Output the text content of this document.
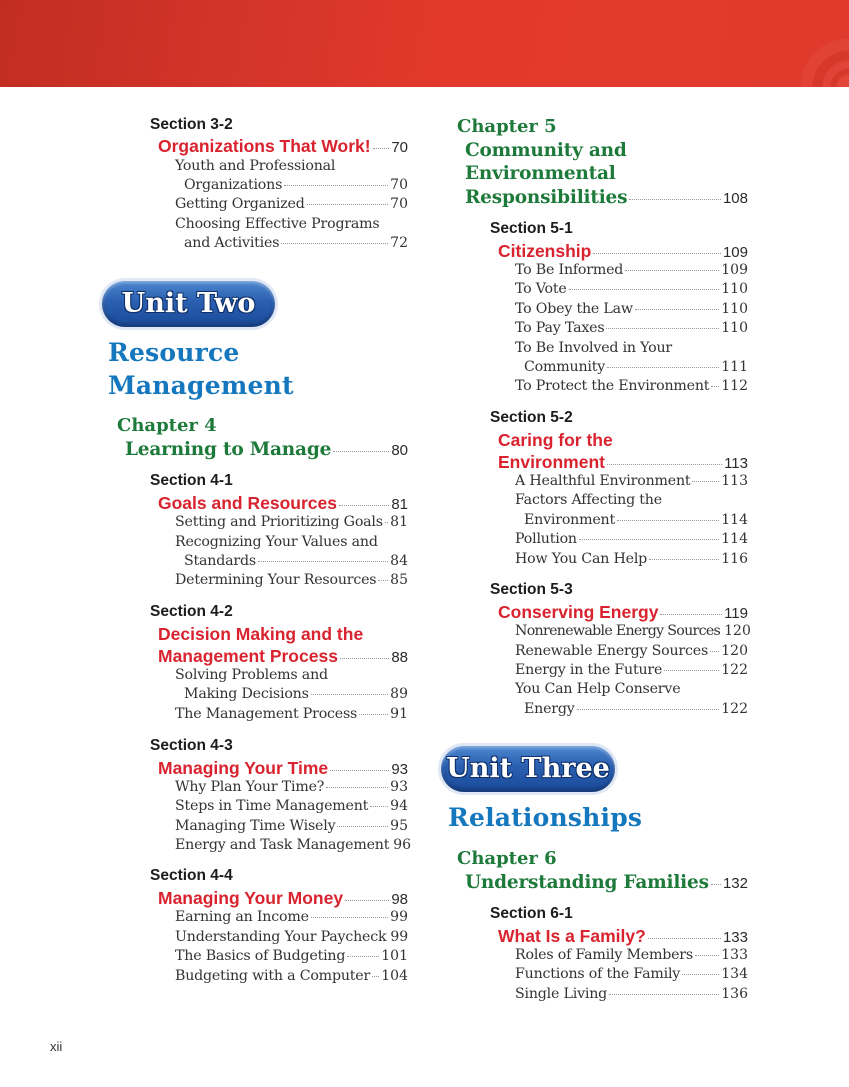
Section 3-2
Organizations That Work! 70
Youth and Professional
Organizations	70
Getting Organized	70
Choosing Effective Programs
and Activities	72
Unit Two
Resource
Management
Chapter 4
Learning to Manage	80
Section 4-1
Goals and Resources	81
Setting and Prioritizing Goals 81
Recognizing Your Values and
Standards	84
Determining Your Resources 85
Section 4-2
Decision Making and the
Management Process	88
Solving Problems and
Making Decisions	89
The Management Process 91
Section 4-3
Managing Your Time	93
Why Plan Your Time?	93
Steps in Time Management 94
Managing Time Wisely	95
Energy and Task Management 96
Section 4-4
Managing Your Money	98
Earning an Income	99
Understanding Your Paycheck 99
The Basics of Budgeting	101
Budgeting with a Computer 104
Chapter 5
Community and
Environmental
Responsibilities	108
Section 5-1
Citizenship	109
To Be Informed	109
To Vote	110
To Obey the Law	110
To Pay Taxes	110
To Be Involved in Your
Community	111
To Protect the Environment 112
Section 5-2
Caring for the
Environment	113
A Healthful Environment 113
Factors Affecting the
Environment	114
Pollution	114
How You Can Help	116
Section 5-3
Conserving Energy	119
Nonrenewable Energy Sources 120
Renewable Energy Sources 120
Energy in the Future	122
You Can Help Conserve
Energy	122
Unit Three
Relationships
Chapter 6
Understanding Families 132
Section 6-1
What Is a Family?	133
Roles of Family Members 133
Functions of the Family	134
Single Living	136
xii
